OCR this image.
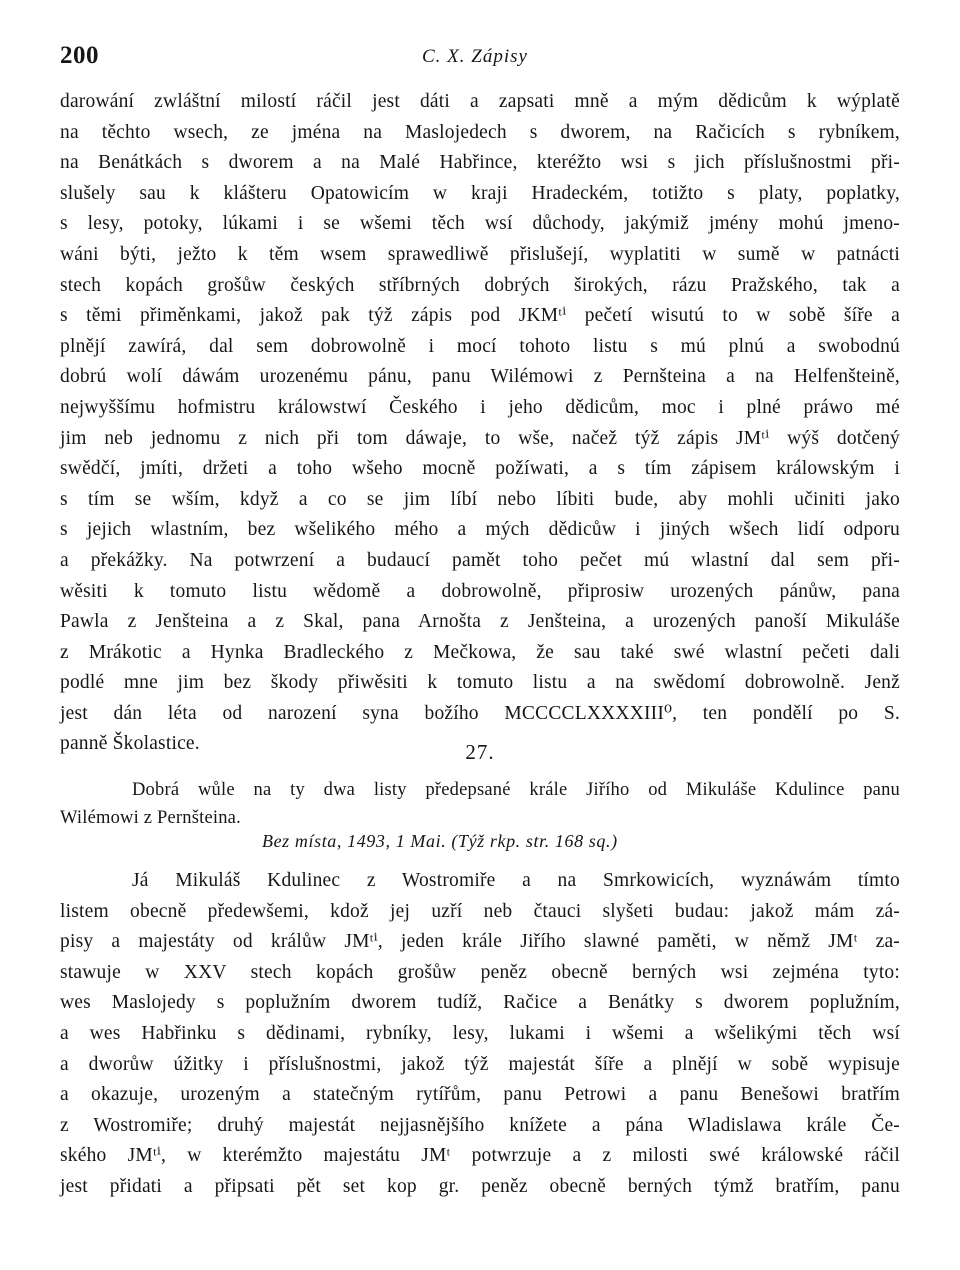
200	C. X. Zápisy
darowání zwláštní milostí ráčil jest dáti a zapsati mně a mým dědicům k wýplatě
na těchto wsech, ze jména na Maslojedech s dworem, na Račicích s rybníkem,
na Benátkách s dworem a na Malé Habřince, kteréžto wsi s jich příslušnostmi při-
slušely sau k klášteru Opatowicím w kraji Hradeckém, totižto s platy, poplatky,
s lesy, potoky, lúkami i se wšemi těch wsí důchody, jakýmiž jmény mohú jmeno-
wáni býti, ježto k těm wsem sprawedliwě přislušejí, wyplatiti w sumě w patnácti
stech kopách grošůw českých stříbrných dobrých širokých, rázu Pražského, tak a
s těmi přiměnkami, jakož pak týž zápis pod JKMᵗⁱ pečetí wisutú to w sobě šíře a
plnějí zawírá, dal sem dobrowolně i mocí tohoto listu s mú plnú a swobodnú
dobrú wolí dáwám urozenému pánu, panu Wilémowi z Pernšteina a na Helfenšteině,
nejwyššímu hofmistru králowstwí Českého i jeho dědicům, moc i plné práwo mé
jim neb jednomu z nich při tom dáwaje, to wše, načež týž zápis JMᵗⁱ wýš dotčený
swědčí, jmíti, držeti a toho wšeho mocně požíwati, a s tím zápisem králowským i
s tím se wším, když a co se jim líbí nebo líbiti bude, aby mohli učiniti jako
s jejich wlastním, bez wšelikého mého a mých dědicůw i jiných wšech lidí odporu
a překážky. Na potwrzení a budaucí pamět toho pečet mú wlastní dal sem při-
wěsiti k tomuto listu wědomě a dobrowolně, připrosiw urozených pánůw, pana
Pawla z Jenšteina a z Skal, pana Arnošta z Jenšteina, a urozených panoší Mikuláše
z Mrákotic a Hynka Bradleckého z Mečkowa, že sau také swé wlastní pečeti dali
podlé mne jim bez škody přiwěsiti k tomuto listu a na swědomí dobrowolně. Jenž
jest dán léta od narození syna božího MCCCCLXXXXIII⁰, ten pondělí po S.
panně Školastice.	27.
Dobrá wůle na ty dwa listy předepsané krále Jiřího od Mikuláše Kdulince panu
Wilémowi z Pernšteina.
Bez místa, 1493, 1 Mai. (Týž rkp. str. 168 sq.)
Já Mikuláš Kdulinec z Wostromiře a na Smrkowicích, wyznáwám tímto
listem obecně předewšemi, kdož jej uzří neb čtauci slyšeti budau: jakož mám zá-
pisy a majestáty od králůw JMᵗⁱ, jeden krále Jiřího slawné paměti, w němž JMᵗ za-
stawuje w XXV stech kopách grošůw peněz obecně berných wsi zejména tyto:
wes Maslojedy s poplužním dworem tudíž, Račice a Benátky s dworem poplužním,
a wes Habřinku s dědinami, rybníky, lesy, lukami i wšemi a wšelikými těch wsí
a dworůw úžitky i příslušnostmi, jakož týž majestát šíře a plnějí w sobě wypisuje
a okazuje, urozeným a statečným rytířům, panu Petrowi a panu Benešowi bratřím
z Wostromiře; druhý majestát nejjasnějšího knížete a pána Wladislawa krále Če-
ského JMᵗⁱ, w kterémžto majestátu JMᵗ potwrzuje a z milosti swé králowské ráčil
jest přidati a připsati pět set kop gr. peněz obecně berných týmž bratřím, panu
